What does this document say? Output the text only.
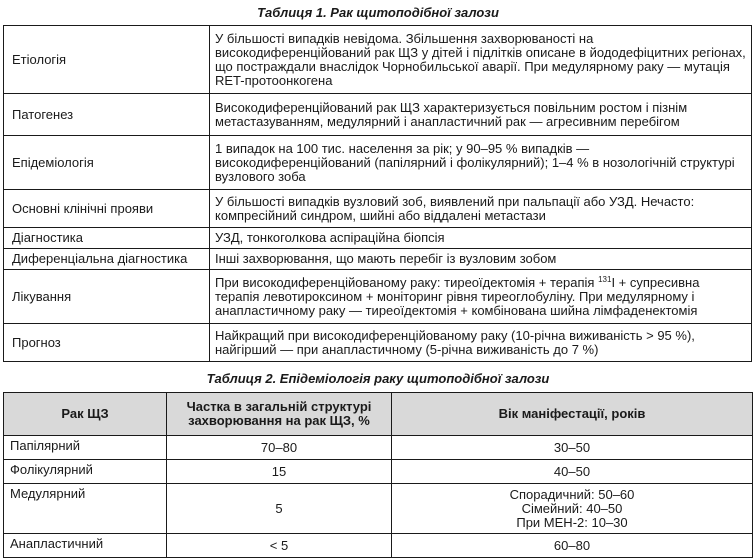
Таблиця 1. Рак щитоподібної залози
Етіологія	У більшості випадків невідома. Збільшення захворюваності на високодиференційований рак ЩЗ у дітей і підлітків описане в йододефіцитних регіонах, що постраждали внаслідок Чорнобильської аварії. При медулярному раку — мутація RET-протоонкогена
Патогенез	Високодиференційований рак ЩЗ характеризується повільним ростом і пізнім метастазуванням, медулярний і анапластичний рак — агресивним перебігом
Епідеміологія	1 випадок на 100 тис. населення за рік; у 90–95 % випадків — високодиференційований (папілярний і фолікулярний); 1–4 % в нозологічній структурі вузлового зоба
Основні клінічні прояви	У більшості випадків вузловий зоб, виявлений при пальпації або УЗД. Нечасто: компресійний синдром, шийні або віддалені метастази
Діагностика	УЗД, тонкоголкова аспіраційна біопсія
Диференціальна діагностика	Інші захворювання, що мають перебіг із вузловим зобом
Лікування	При високодиференційованому раку: тиреоїдектомія + терапія $^{131}$I + супресивна терапія левотироксином + моніторинг рівня тиреоглобуліну. При медулярному і анапластичному раку — тиреоїдектомія + комбінована шийна лімфаденектомія
Прогноз	Найкращий при високодиференційованому раку (10-річна виживаність > 95 %), найгірший — при анапластичному (5-річна виживаність до 7 %)
Таблиця 2. Епідеміологія раку щитоподібної залози
Рак ЩЗ	Частка в загальній структурі захворювання на рак ЩЗ, %	Вік маніфестації, років
Папілярний	70–80	30–50
Фолікулярний	15	40–50
Медулярний	5	Спорадичний: 50–60
Сімейний: 40–50
При МЕН-2: 10–30

Анапластичний	< 5	60–80
